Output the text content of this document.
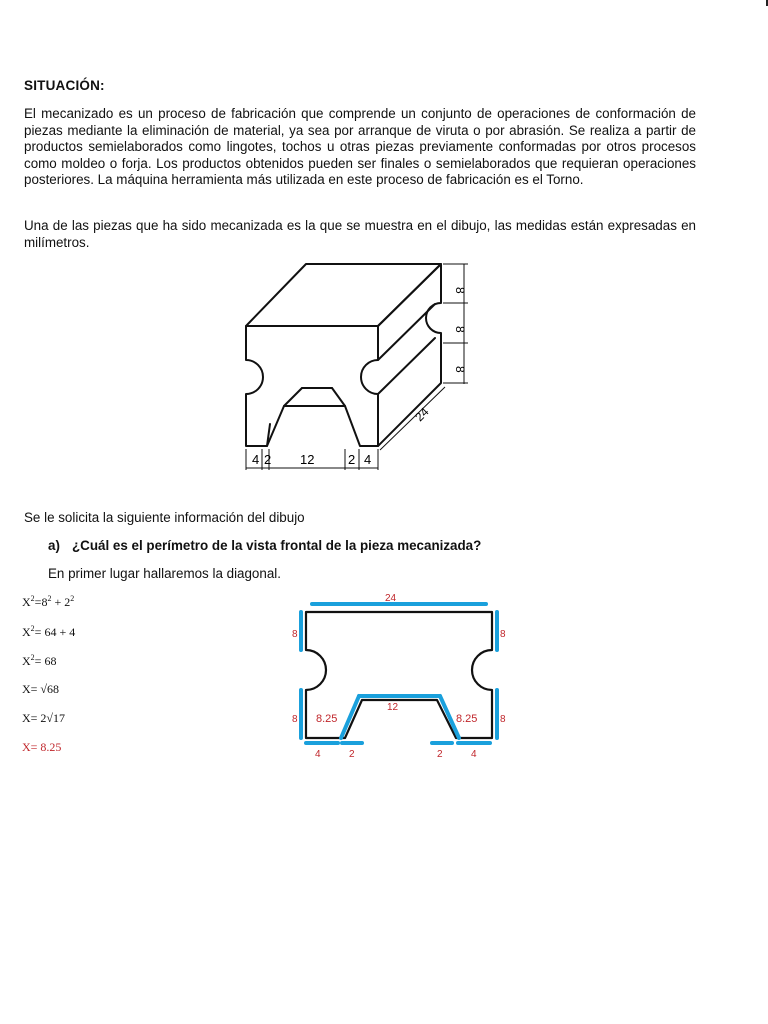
SITUACIÓN:
El mecanizado es un proceso de fabricación que comprende un conjunto de operaciones de conformación de piezas mediante la eliminación de material, ya sea por arranque de viruta o por abrasión. Se realiza a partir de productos semielaborados como lingotes, tochos u otras piezas previamente conformadas por otros procesos como moldeo o forja. Los productos obtenidos pueden ser finales o semielaborados que requieran operaciones posteriores. La máquina herramienta más utilizada en este proceso de fabricación es el Torno.
Una de las piezas que ha sido mecanizada es la que se muestra en el dibujo, las medidas están expresadas en milímetros.
8
8
8
24
4 2 12	2 4
Se le solicita la siguiente información del dibujo
a) ¿Cuál es el perímetro de la vista frontal de la pieza mecanizada?
En primer lugar hallaremos la diagonal.
$X^2=8^2 + 2^2$
$X^2= 64 + 4$
$X^2= 68$
X= √68
X= 2√17
X= 8.25
24
8	8
8	8
8.25	8.25
12
4	2	2	4
